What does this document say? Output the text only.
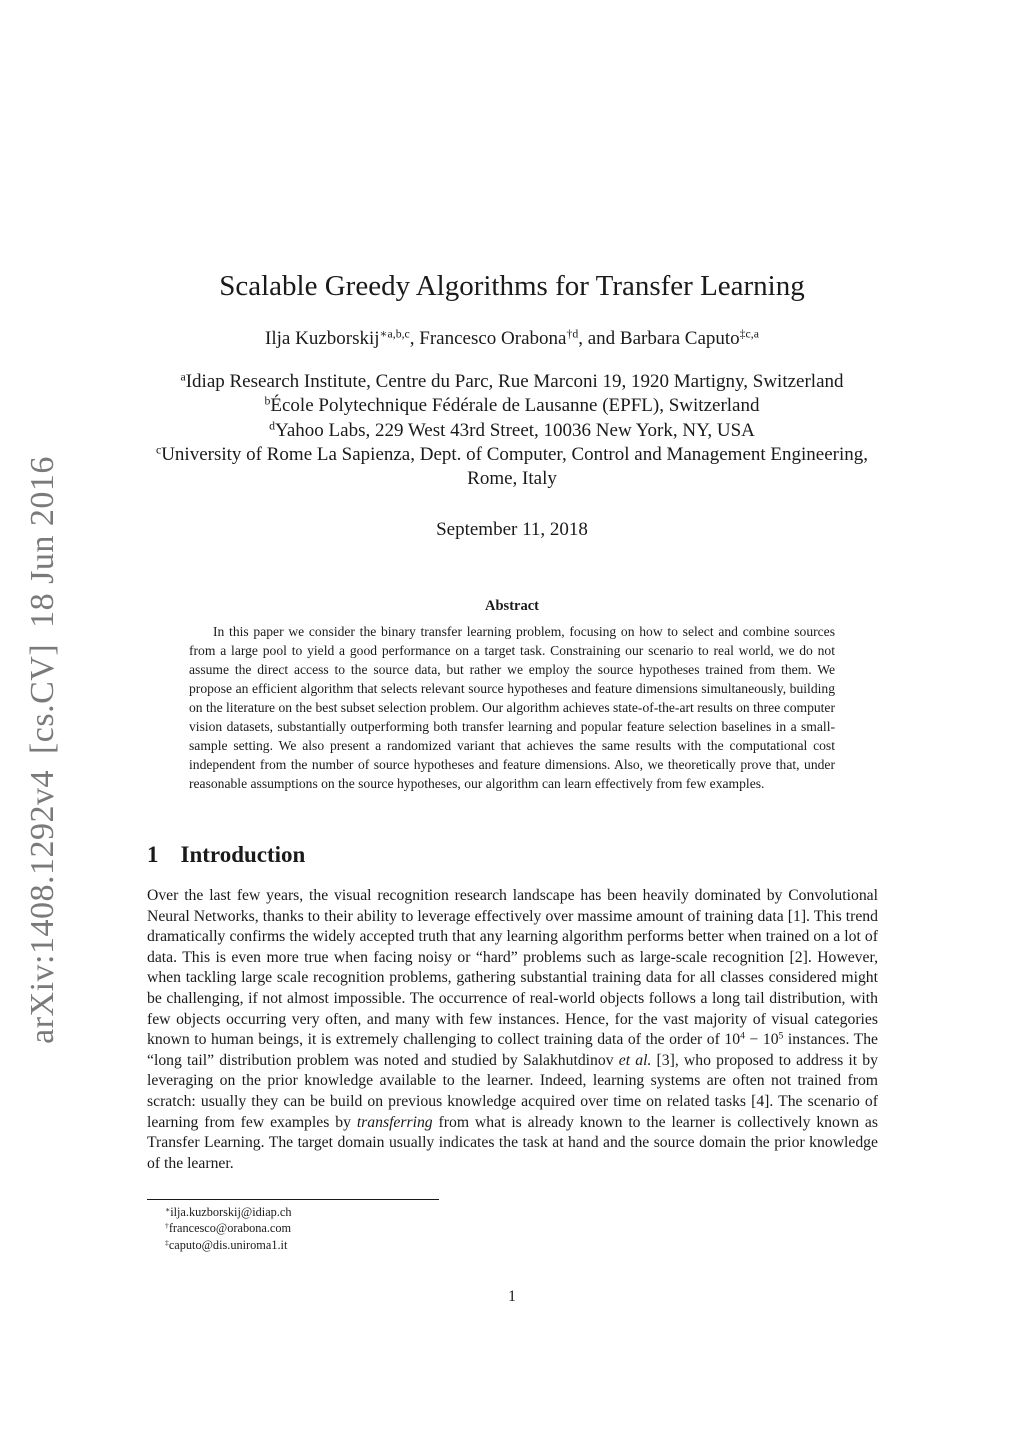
arXiv:1408.1292v4[cs.CV]18 Jun 2016
Scalable Greedy Algorithms for Transfer Learning
Ilja Kuzborskij$^{∗a,b,c}$, Francesco Orabona$^{\dagger d}$, and Barbara Caputo$^{\ddagger c,a}$
$^a$Idiap Research Institute, Centre du Parc, Rue Marconi 19, 1920 Martigny, Switzerland
$^b$École Polytechnique Fédérale de Lausanne (EPFL), Switzerland
$^d$Yahoo Labs, 229 West 43rd Street, 10036 New York, NY, USA
$^c$University of Rome La Sapienza, Dept. of Computer, Control and Management Engineering, Rome, Italy
September 11, 2018
Abstract
In this paper we consider the binary transfer learning problem, focusing on how to select and combine sources from a large pool to yield a good performance on a target task. Constraining our scenario to real world, we do not assume the direct access to the source data, but rather we employ the source hypotheses trained from them. We propose an efficient algorithm that selects relevant source hypotheses and feature dimensions simultaneously, building on the literature on the best subset selection problem. Our algorithm achieves state-of-the-art results on three computer vision datasets, substantially outperforming both transfer learning and popular feature selection baselines in a small-sample setting. We also present a randomized variant that achieves the same results with the computational cost independent from the number of source hypotheses and feature dimensions. Also, we theoretically prove that, under reasonable assumptions on the source hypotheses, our algorithm can learn effectively from few examples.
1 Introduction
Over the last few years, the visual recognition research landscape has been heavily dominated by Convolutional Neural Networks, thanks to their ability to leverage effectively over massime amount of training data [1]. This trend dramatically confirms the widely accepted truth that any learning algorithm performs better when trained on a lot of data. This is even more true when facing noisy or “hard” problems such as large-scale recognition [2]. However, when tackling large scale recognition problems, gathering substantial training data for all classes considered might be challenging, if not almost impossible. The occurrence of real-world objects follows a long tail distribution, with few objects occurring very often, and many with few instances. Hence, for the vast majority of visual categories known to human beings, it is extremely challenging to collect training data of the order of $10^4 - 10^5$ instances. The “long tail” distribution problem was noted and studied by Salakhutdinov et al. [3], who proposed to address it by leveraging on the prior knowledge available to the learner. Indeed, learning systems are often not trained from scratch: usually they can be build on previous knowledge acquired over time on related tasks [4]. The scenario of learning from few examples by transferring from what is already known to the learner is collectively known as Transfer Learning. The target domain usually indicates the task at hand and the source domain the prior knowledge of the learner.
∗ilja.kuzborskij@idiap.ch
†francesco@orabona.com
‡caputo@dis.uniroma1.it
1
